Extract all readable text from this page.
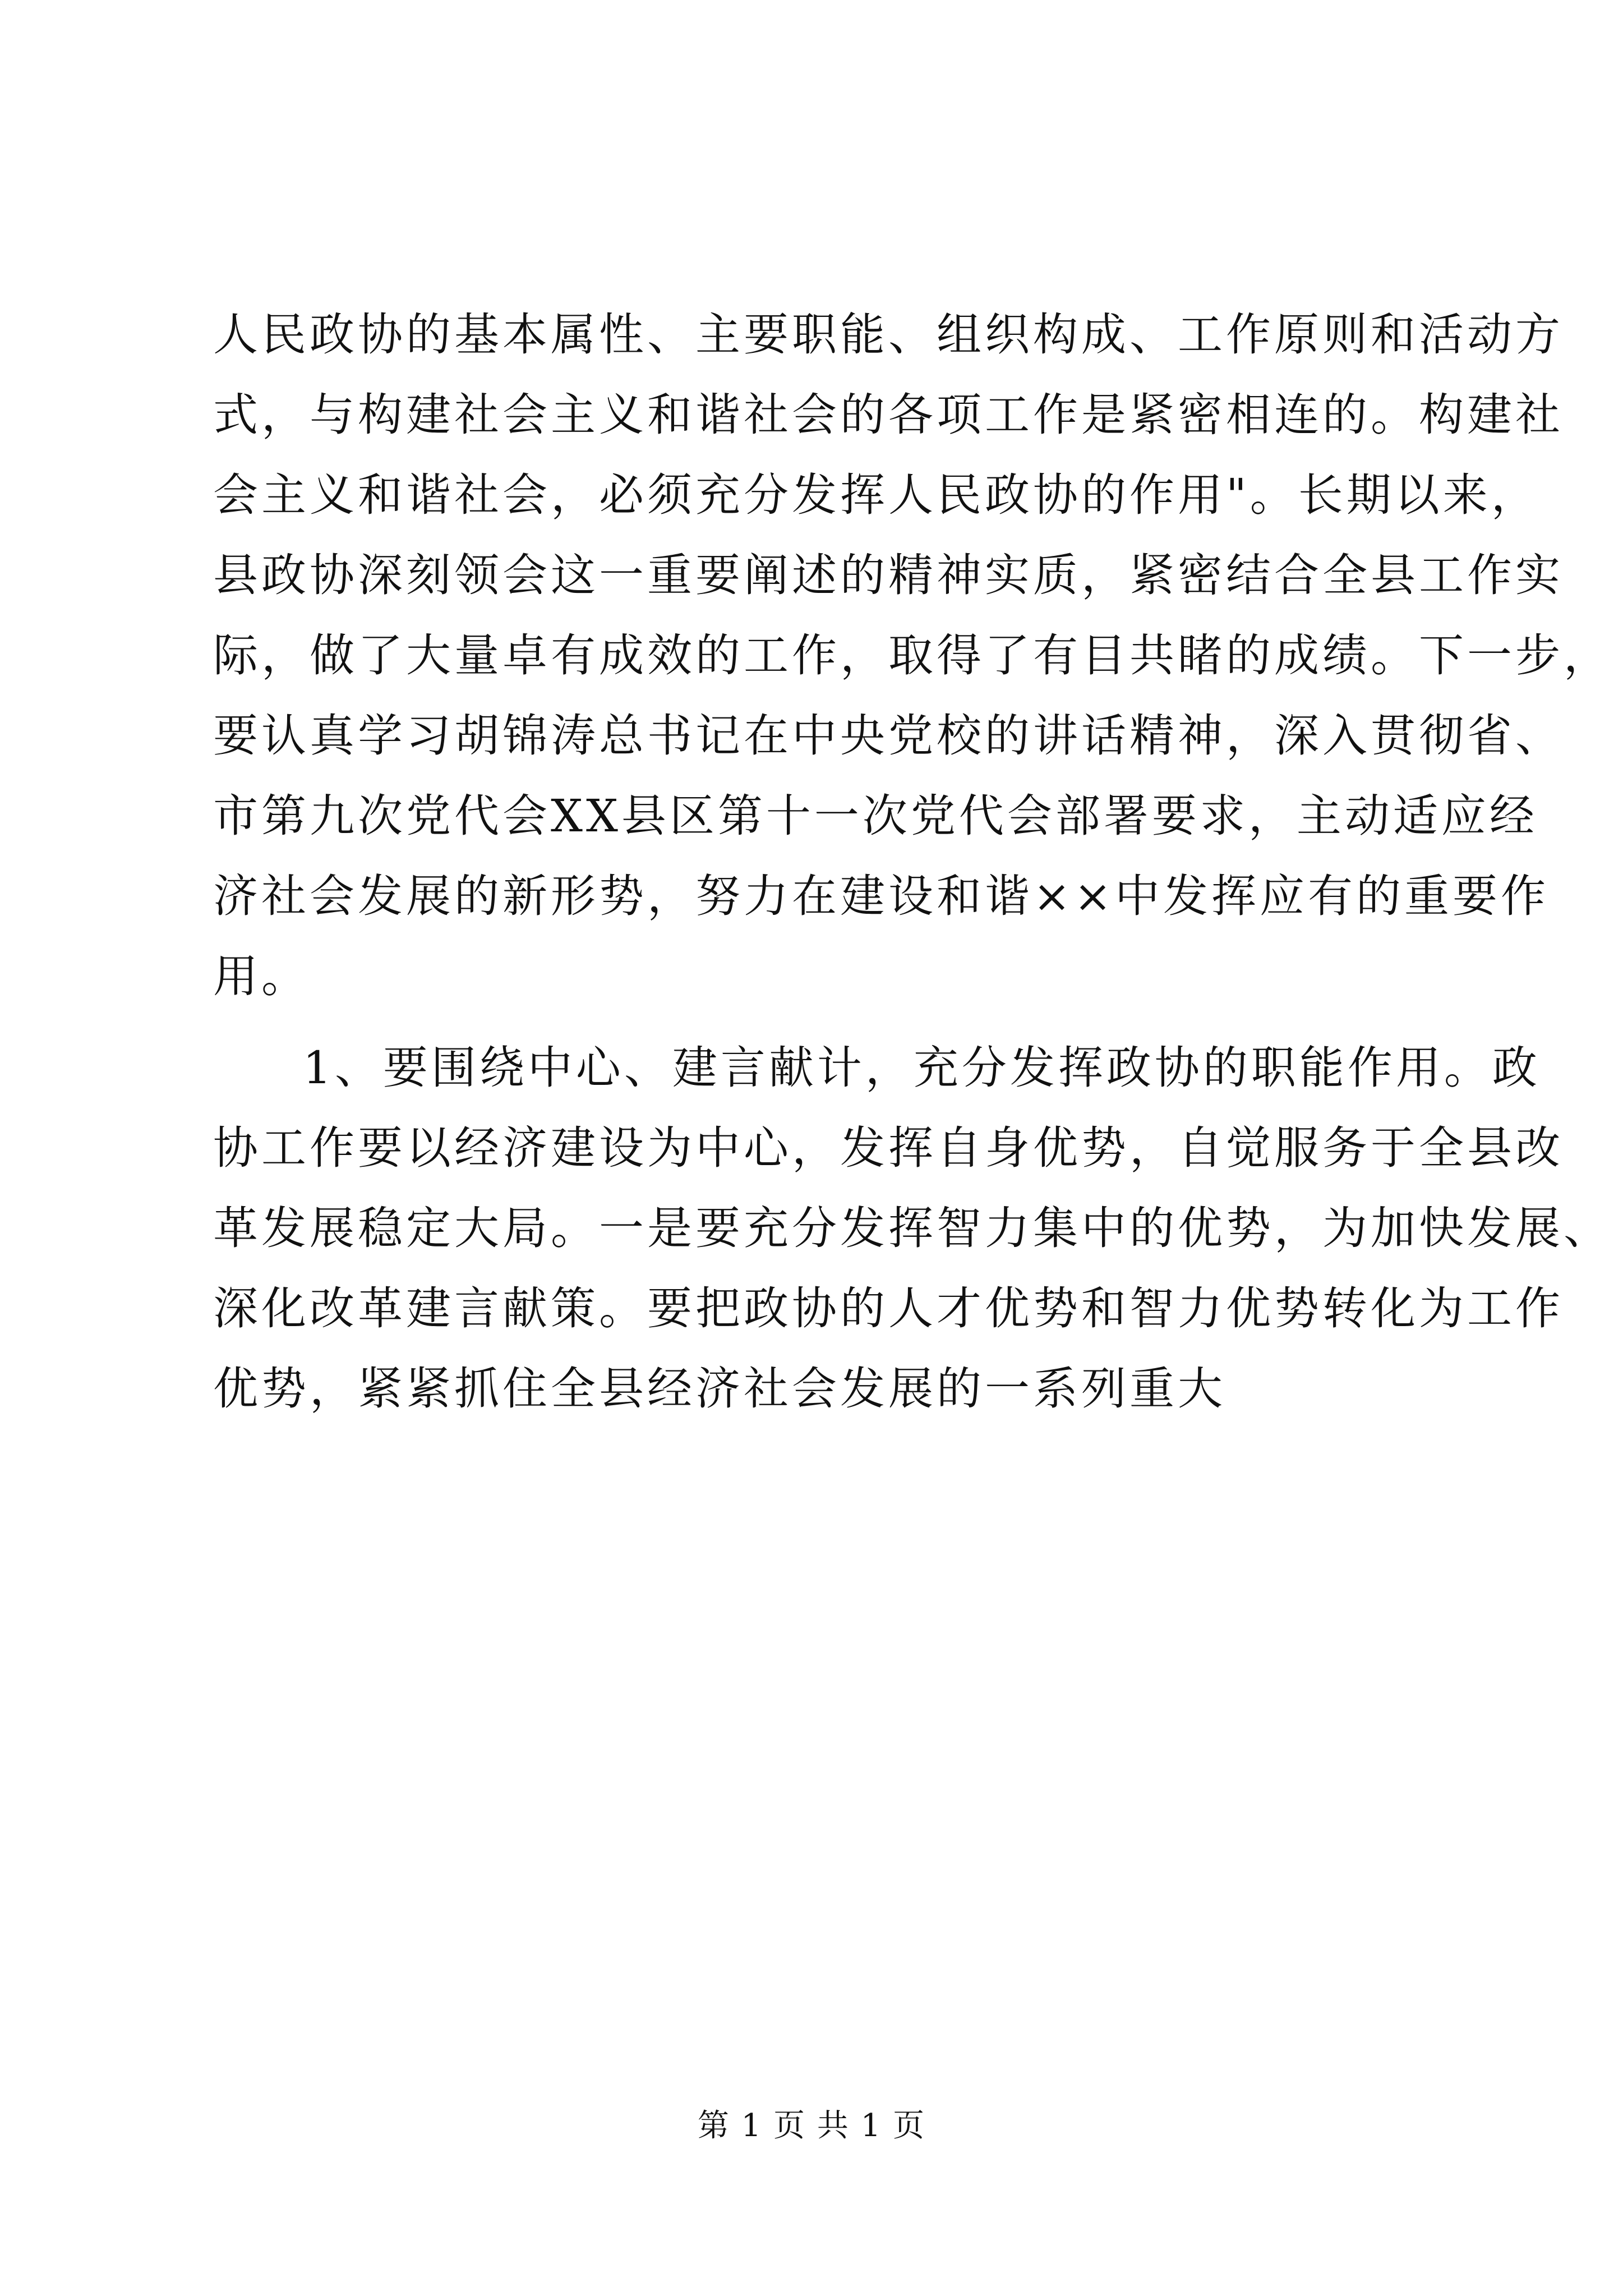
人民政协的基本属性、主要职能、组织构成、工作原则和活动方
式，与构建社会主义和谐社会的各项工作是紧密相连的。构建社
会主义和谐社会，必须充分发挥人民政协的作用"。长期以来，
县政协深刻领会这一重要阐述的精神实质，紧密结合全县工作实
际，做了大量卓有成效的工作，取得了有目共睹的成绩。下一步，
要认真学习胡锦涛总书记在中央党校的讲话精神，深入贯彻省、
市第九次党代会XX县区第十一次党代会部署要求，主动适应经
济社会发展的新形势，努力在建设和谐××中发挥应有的重要作
用。
1、要围绕中心、建言献计，充分发挥政协的职能作用。政
协工作要以经济建设为中心，发挥自身优势，自觉服务于全县改
革发展稳定大局。一是要充分发挥智力集中的优势，为加快发展、
深化改革建言献策。要把政协的人才优势和智力优势转化为工作
优势，紧紧抓住全县经济社会发展的一系列重大
第 1 页 共 1 页
